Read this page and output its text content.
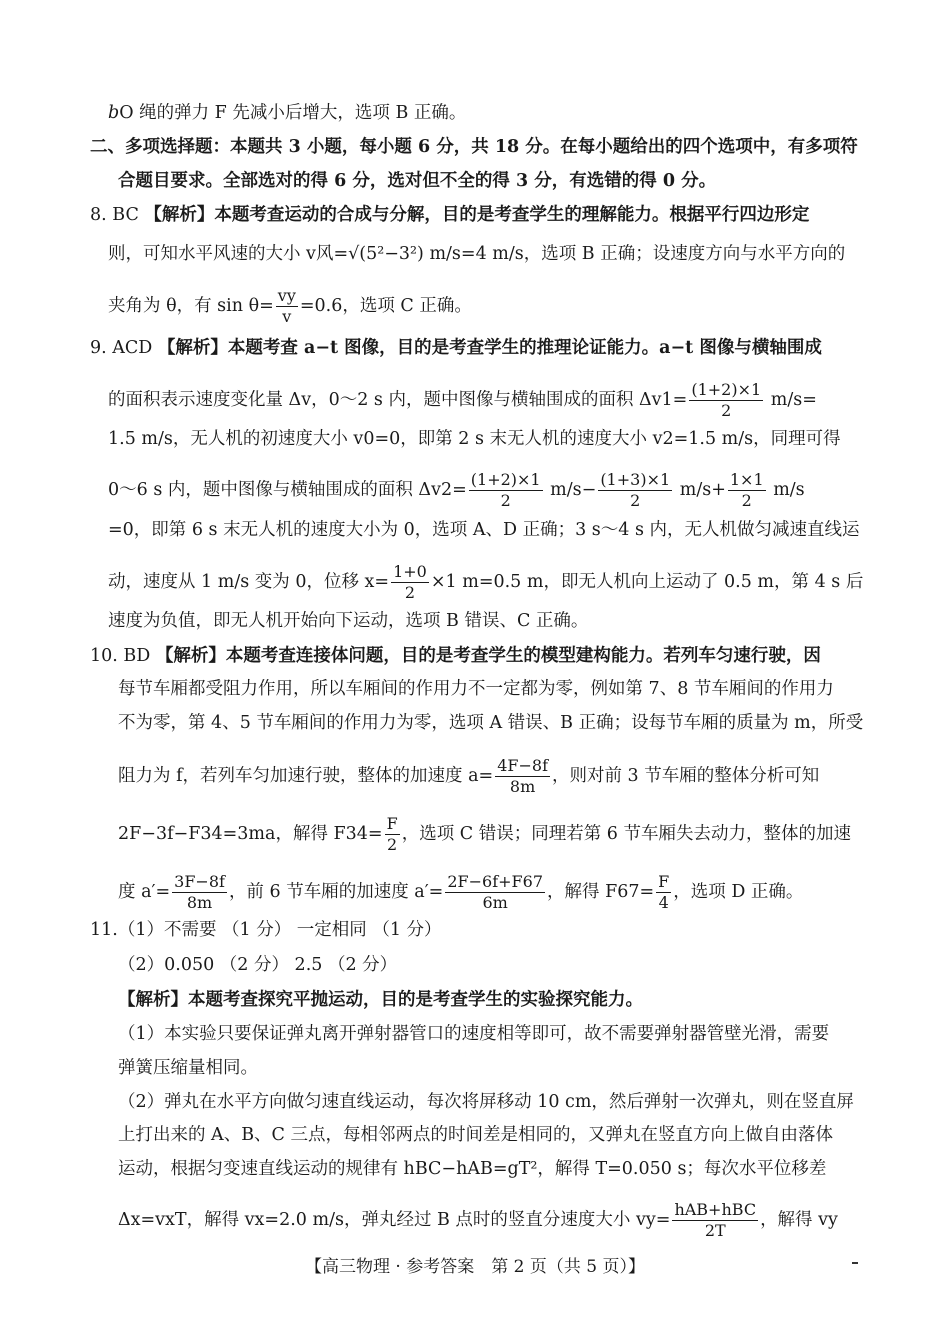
bO 绳的弹力 F 先减小后增大，选项 B 正确。
二、多项选择题：本题共 3 小题，每小题 6 分，共 18 分。在每小题给出的四个选项中，有多项符
合题目要求。全部选对的得 6 分，选对但不全的得 3 分，有选错的得 0 分。
8. BC 【解析】本题考查运动的合成与分解，目的是考查学生的理解能力。根据平行四边形定
则，可知水平风速的大小 v风=√(5²−3²) m/s=4 m/s，选项 B 正确；设速度方向与水平方向的
夹角为 θ，有 $\sin \theta= \frac{vy}{v} =0.6$，选项 C 正确。
9. ACD 【解析】本题考查 a−t 图像，目的是考查学生的推理论证能力。a−t 图像与横轴围成
的面积表示速度变化量 Δv，0～2 s 内，题中图像与横轴围成的面积 $\Delta v1= \frac{(1+2)\times 1}{2} m/s=$
1.5 m/s，无人机的初速度大小 v0=0，即第 2 s 末无人机的速度大小 v2=1.5 m/s，同理可得
0～6 s 内，题中图像与横轴围成的面积 $\Delta v2= \frac{(1+2)\times 1}{2} m/s- \frac{(1+3)\times 1}{2} m/s+ \frac{1\times 1}{2} m/s$
=0，即第 6 s 末无人机的速度大小为 0，选项 A、D 正确；3 s～4 s 内，无人机做匀减速直线运
动，速度从 1 m/s 变为 0，位移 $x= \frac{1+0}{2} \times 1$ m=0.5 m，即无人机向上运动了 0.5 m，第 4 s 后
速度为负值，即无人机开始向下运动，选项 B 错误、C 正确。
10. BD 【解析】本题考查连接体问题，目的是考查学生的模型建构能力。若列车匀速行驶，因
每节车厢都受阻力作用，所以车厢间的作用力不一定都为零，例如第 7、8 节车厢间的作用力
不为零，第 4、5 节车厢间的作用力为零，选项 A 错误、B 正确；设每节车厢的质量为 m，所受
阻力为 f，若列车匀加速行驶，整体的加速度 $a= \frac{4F-8f}{8m}$ ，则对前 3 节车厢的整体分析可知
2F−3f−F34=3ma，解得 $F34= \frac{F}{2}$ ，选项 C 错误；同理若第 6 节车厢失去动力，整体的加速
度 $a'= \frac{3F-8f}{8m}$ ，前 6 节车厢的加速度 $a'= \frac{2F-6f+F67}{6m}$ ，解得 $F67= \frac{F}{4}$ ，选项 D 正确。
11.（1）不需要 （1 分） 一定相同 （1 分）
（2）0.050 （2 分） 2.5 （2 分）
【解析】本题考查探究平抛运动，目的是考查学生的实验探究能力。
（1）本实验只要保证弹丸离开弹射器管口的速度相等即可，故不需要弹射器管壁光滑，需要
弹簧压缩量相同。
（2）弹丸在水平方向做匀速直线运动，每次将屏移动 10 cm，然后弹射一次弹丸，则在竖直屏
上打出来的 A、B、C 三点，每相邻两点的时间差是相同的，又弹丸在竖直方向上做自由落体
运动，根据匀变速直线运动的规律有 hBC−hAB=gT²，解得 T=0.050 s；每次水平位移差
Δx=vxT，解得 vx=2.0 m/s，弹丸经过 B 点时的竖直分速度大小 $vy= \frac{\text{hAB+hBC}}{2T}$ ，解得 vy
【高三物理 · 参考答案　第 2 页（共 5 页）】
